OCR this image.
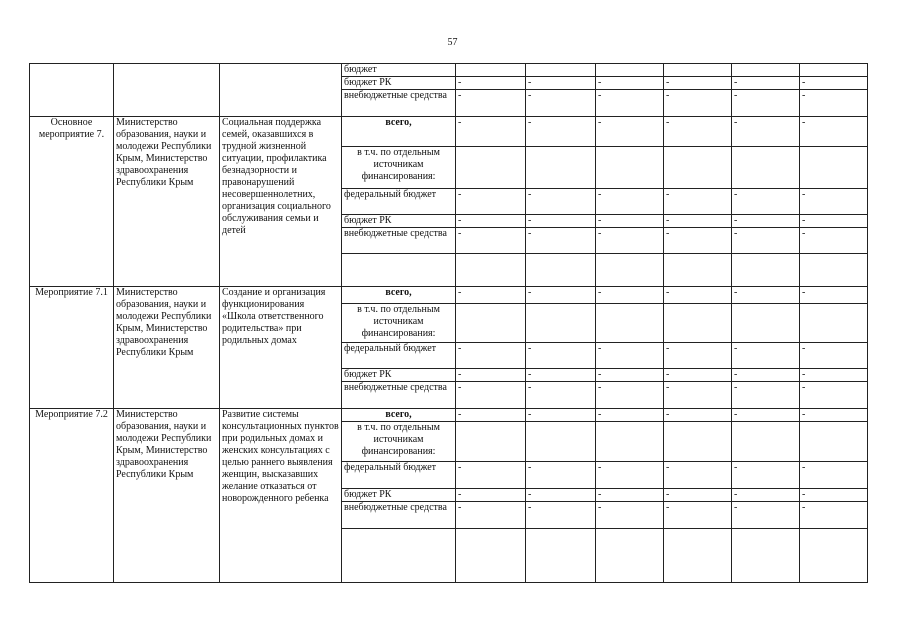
57
			бюджет						
			бюджет РК	-	-	-	-	-	-
			внебюджетные средства	-	-	-	-	-	-
Основное мероприятие 7.	Министерство образования, науки и молодежи Республики Крым, Министерство здравоохранения Республики Крым	Социальная поддержка семей, оказавшихся в трудной жизненной ситуации, профилактика безнадзорности и правонарушений несовершеннолетних, организация социального обслуживания семьи и детей	всего,	-	-	-	-	-	-
			в т.ч. по отдельным источникам финансирования:						
			федеральный бюджет	-	-	-	-	-	-
			бюджет РК	-	-	-	-	-	-
			внебюджетные средства	-	-	-	-	-	-

Мероприятие 7.1	Министерство образования, науки и молодежи Республики Крым, Министерство здравоохранения Республики Крым	Создание и организация функционирования «Школа ответственного родительства» при родильных домах	всего,	-	-	-	-	-	-
			в т.ч. по отдельным источникам финансирования:						
			федеральный бюджет	-	-	-	-	-	-
			бюджет РК	-	-	-	-	-	-
			внебюджетные средства	-	-	-	-	-	-
Мероприятие 7.2	Министерство образования, науки и молодежи Республики Крым, Министерство здравоохранения Республики Крым	Развитие системы консультационных пунктов при родильных домах и женских консультациях с целью раннего выявления женщин, высказавших желание отказаться от новорожденного ребенка	всего,	-	-	-	-	-	-
			в т.ч. по отдельным источникам финансирования:						
			федеральный бюджет	-	-	-	-	-	-
			бюджет РК	-	-	-	-	-	-
			внебюджетные средства	-	-	-	-	-	-
